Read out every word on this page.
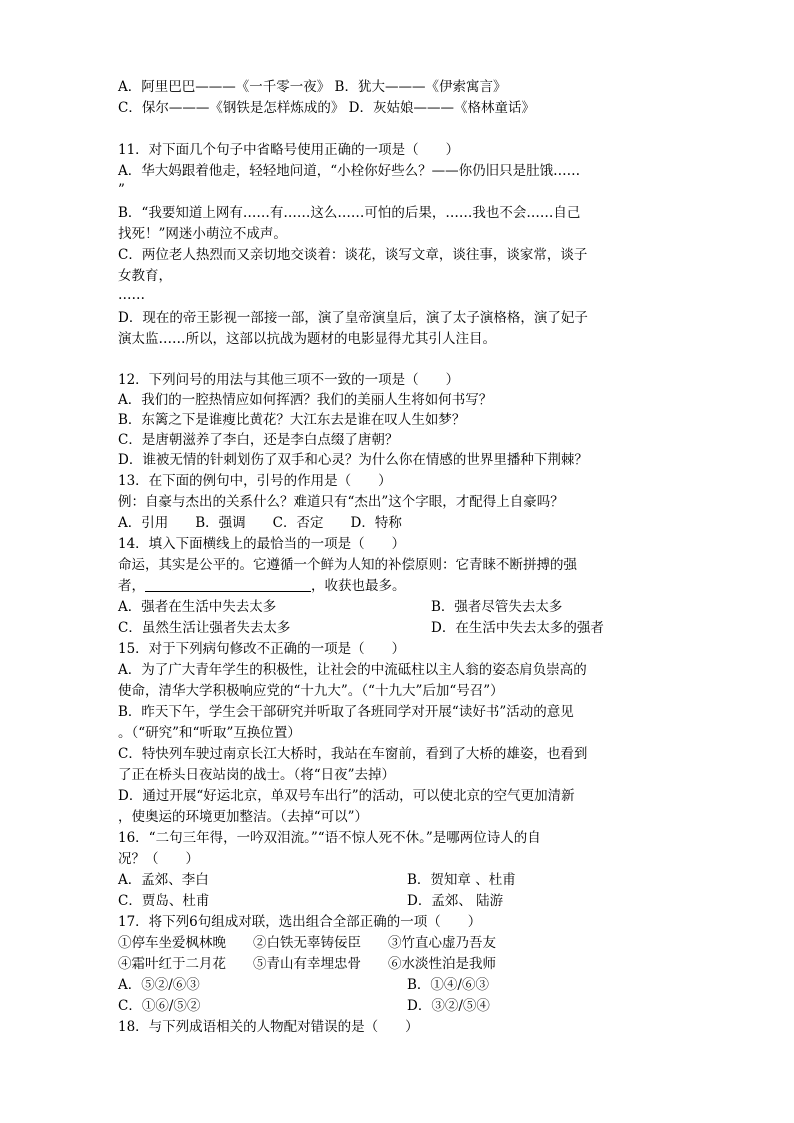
A．阿里巴巴———《一千零一夜》 B．犹大———《伊索寓言》
C．保尔———《钢铁是怎样炼成的》 D．灰姑娘———《格林童话》
11．对下面几个句子中省略号使用正确的一项是（　　）
A．华大妈跟着他走，轻轻地问道，“小栓你好些么？——你仍旧只是肚饿……
”
B．“我要知道上网有……有……这么……可怕的后果，……我也不会……自己
找死！”网迷小萌泣不成声。
C．两位老人热烈而又亲切地交谈着：谈花，谈写文章，谈往事，谈家常，谈子
女教育，
……
D．现在的帝王影视一部接一部，演了皇帝演皇后，演了太子演格格，演了妃子
演太监……所以，这部以抗战为题材的电影显得尤其引人注目。
12．下列问号的用法与其他三项不一致的一项是（　　）
A．我们的一腔热情应如何挥洒？我们的美丽人生将如何书写？
B．东篱之下是谁瘦比黄花？大江东去是谁在叹人生如梦？
C．是唐朝滋养了李白，还是李白点缀了唐朝？
D．谁被无情的针刺划伤了双手和心灵？为什么你在情感的世界里播种下荆棘？
13．在下面的例句中，引号的作用是（　　）
例：自豪与杰出的关系什么？难道只有“杰出”这个字眼，才配得上自豪吗？
A．引用　　B．强调　　C．否定　　D．特称
14．填入下面横线上的最恰当的一项是（　　）
命运，其实是公平的。它遵循一个鲜为人知的补偿原则：它青睐不断拼搏的强
者，	，收获也最多。
A．强者在生活中失去太多	B．强者尽管失去太多
C．虽然生活让强者失去太多	D．在生活中失去太多的强者
15．对于下列病句修改不正确的一项是（　　）
A．为了广大青年学生的积极性，让社会的中流砥柱以主人翁的姿态肩负崇高的
使命，清华大学积极响应党的“十九大”。（“十九大”后加“号召”）
B．昨天下午，学生会干部研究并听取了各班同学对开展“读好书”活动的意见
。（“研究”和“听取”互换位置）
C．特快列车驶过南京长江大桥时，我站在车窗前，看到了大桥的雄姿，也看到
了正在桥头日夜站岗的战士。（将“日夜”去掉）
D．通过开展“好运北京，单双号车出行”的活动，可以使北京的空气更加清新
，使奥运的环境更加整洁。（去掉“可以”）
16．“二句三年得，一吟双泪流。”“语不惊人死不休。”是哪两位诗人的自
况？（　　）
A．孟郊、李白	B．贺知章 、杜甫
C．贾岛、杜甫	D．孟郊、 陆游
17．将下列6句组成对联，选出组合全部正确的一项（　　）
①停车坐爱枫林晚　　②白铁无辜铸佞臣　　③竹直心虚乃吾友
④霜叶红于二月花　　⑤青山有幸埋忠骨　　⑥水淡性泊是我师
A．⑤②/⑥③	B．①④/⑥③
C．①⑥/⑤②	D．③②/⑤④
18．与下列成语相关的人物配对错误的是（　　）
